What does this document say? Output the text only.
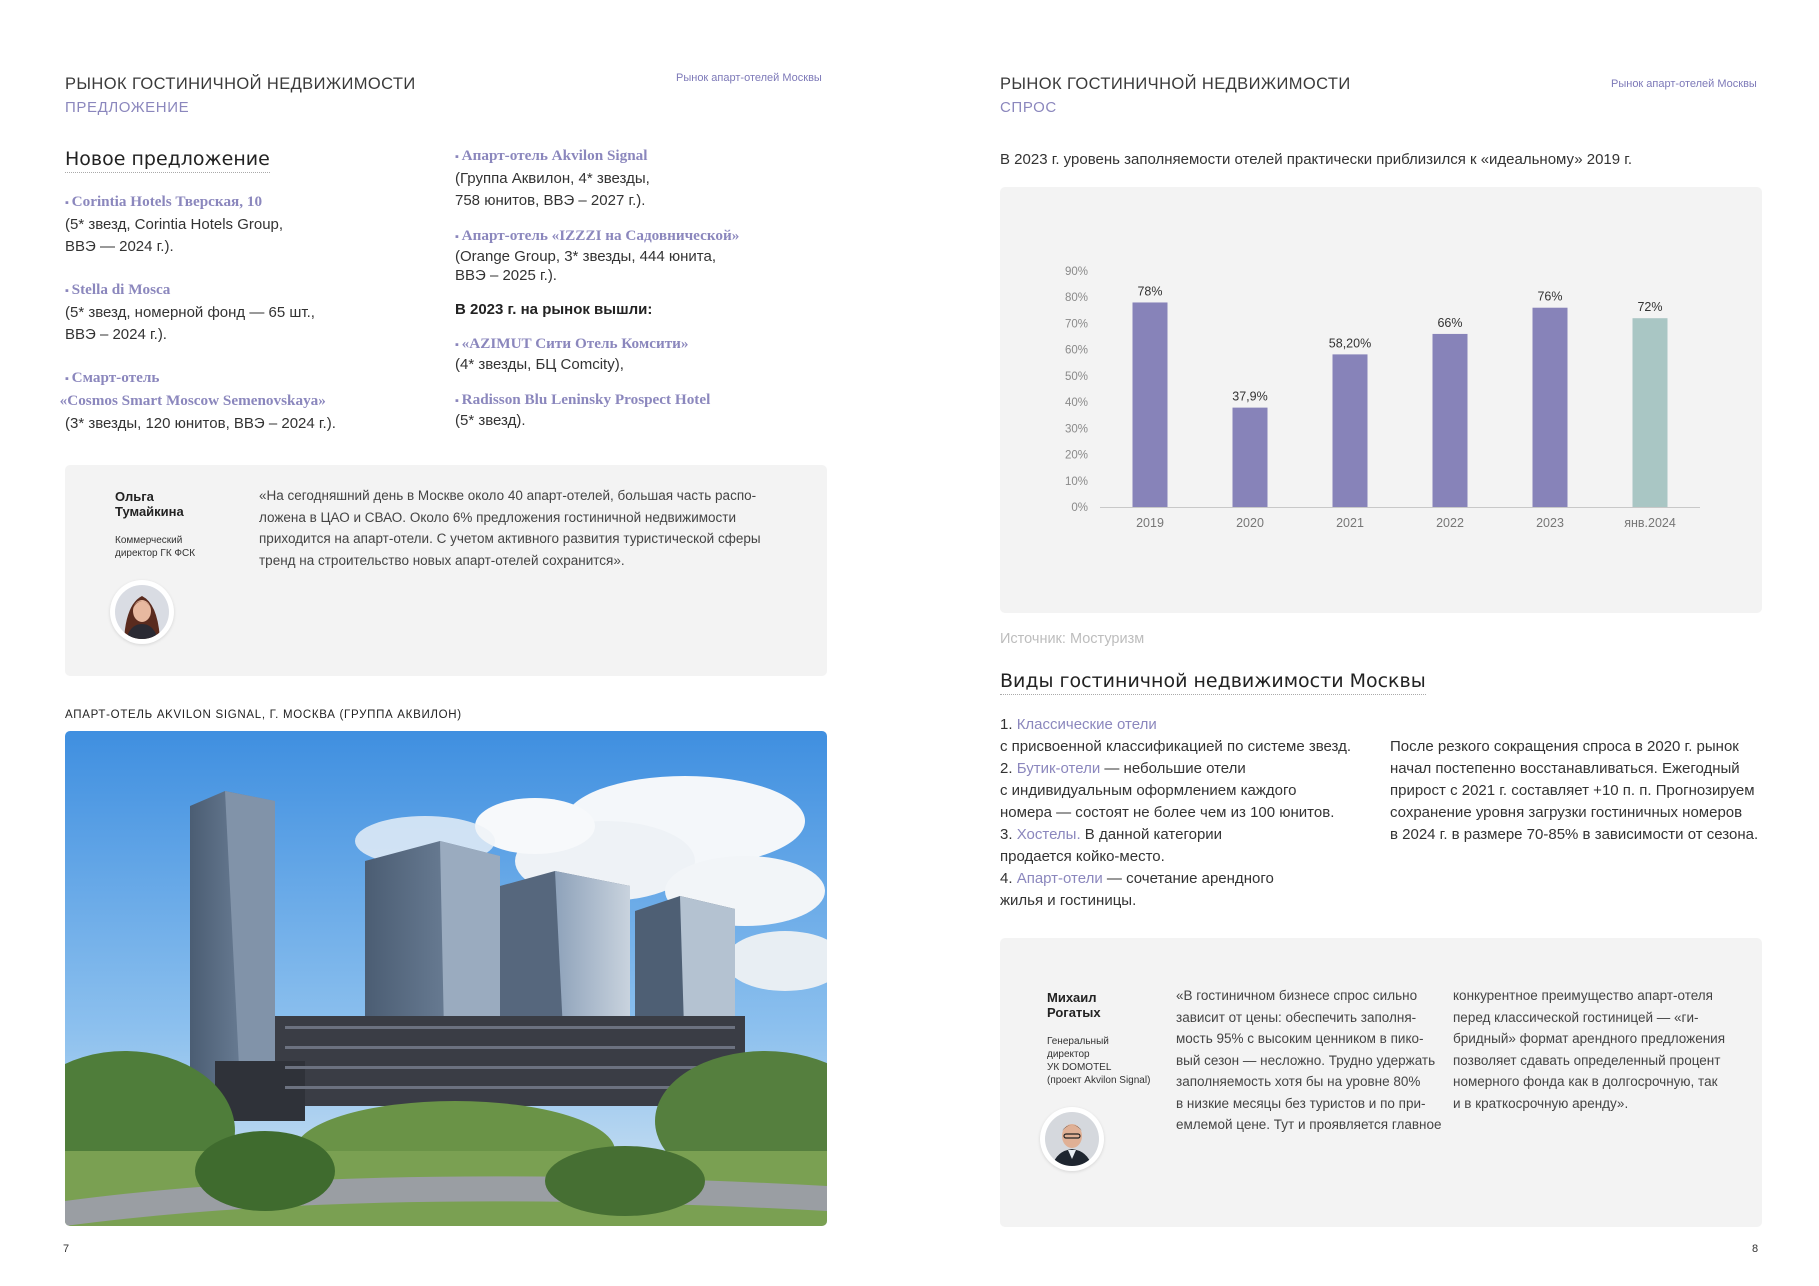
РЫНОК ГОСТИНИЧНОЙ НЕДВИЖИМОСТИ
ПРЕДЛОЖЕНИЕ
Рынок апарт-отелей Москвы
Новое предложение
▪ Corintia Hotels Тверская, 10
(5* звезд, Corintia Hotels Group,
ВВЭ — 2024 г.).
▪ Stella di Mosca
(5* звезд, номерной фонд — 65 шт.,
ВВЭ – 2024 г.).
▪ Смарт-отель
▪ «Cosmos Smart Moscow Semenovskaya»
(3* звезды, 120 юнитов, ВВЭ – 2024 г.).
▪ Апарт-отель Akvilon Signal
(Группа Аквилон, 4* звезды,
758 юнитов, ВВЭ – 2027 г.).
▪ Апарт-отель «IZZZI на Садовнической»
(Orange Group, 3* звезды, 444 юнита,
ВВЭ – 2025 г.).
В 2023 г. на рынок вышли:
▪ «AZIMUT Сити Отель Комсити»
(4* звезды, БЦ Comcity),
▪ Radisson Blu Leninsky Prospect Hotel
(5* звезд).
Ольга
Тумайкина
Коммерческий
директор ГК ФСК
«На сегодняшний день в Москве около 40 апарт-отелей, большая часть распо-
ложена в ЦАО и СВАО. Около 6% предложения гостиничной недвижимости
приходится на апарт-отели. С учетом активного развития туристической сферы
тренд на строительство новых апарт-отелей сохранится».
АПАРТ-ОТЕЛЬ AKVILON SIGNAL, Г. МОСКВА (ГРУППА АКВИЛОН)
7
РЫНОК ГОСТИНИЧНОЙ НЕДВИЖИМОСТИ
СПРОС
Рынок апарт-отелей Москвы
В 2023 г. уровень заполняемости отелей практически приблизился к «идеальному» 2019 г.
0%
10%
20%
30%
40%
50%
60%
70%
80%
90%
78%
2019
37,9%
2020
58,20%
2021
66%
2022
76%
2023
72%
янв.2024
Источник: Мостуризм
Виды гостиничной недвижимости Москвы
1. Классические отели
с присвоенной классификацией по системе звезд.
2. Бутик-отели — небольшие отели
с индивидуальным оформлением каждого
номера — состоят не более чем из 100 юнитов.
3. Хостелы. В данной категории
продается койко-место.
4. Апарт-отели — сочетание арендного
жилья и гостиницы.
После резкого сокращения спроса в 2020 г. рынок
начал постепенно восстанавливаться. Ежегодный
прирост с 2021 г. составляет +10 п. п. Прогнозируем
сохранение уровня загрузки гостиничных номеров
в 2024 г. в размере 70-85% в зависимости от сезона.
Михаил
Рогатых
Генеральный
директор
УК DOMOTEL
(проект Akvilon Signal)
«В гостиничном бизнесе спрос сильно
зависит от цены: обеспечить заполня-
мость 95% с высоким ценником в пико-
вый сезон — несложно. Трудно удержать
заполняемость хотя бы на уровне 80%
в низкие месяцы без туристов и по при-
емлемой цене. Тут и проявляется главное
конкурентное преимущество апарт-отеля
перед классической гостиницей — «ги-
бридный» формат арендного предложения
позволяет сдавать определенный процент
номерного фонда как в долгосрочную, так
и в краткосрочную аренду».
8
